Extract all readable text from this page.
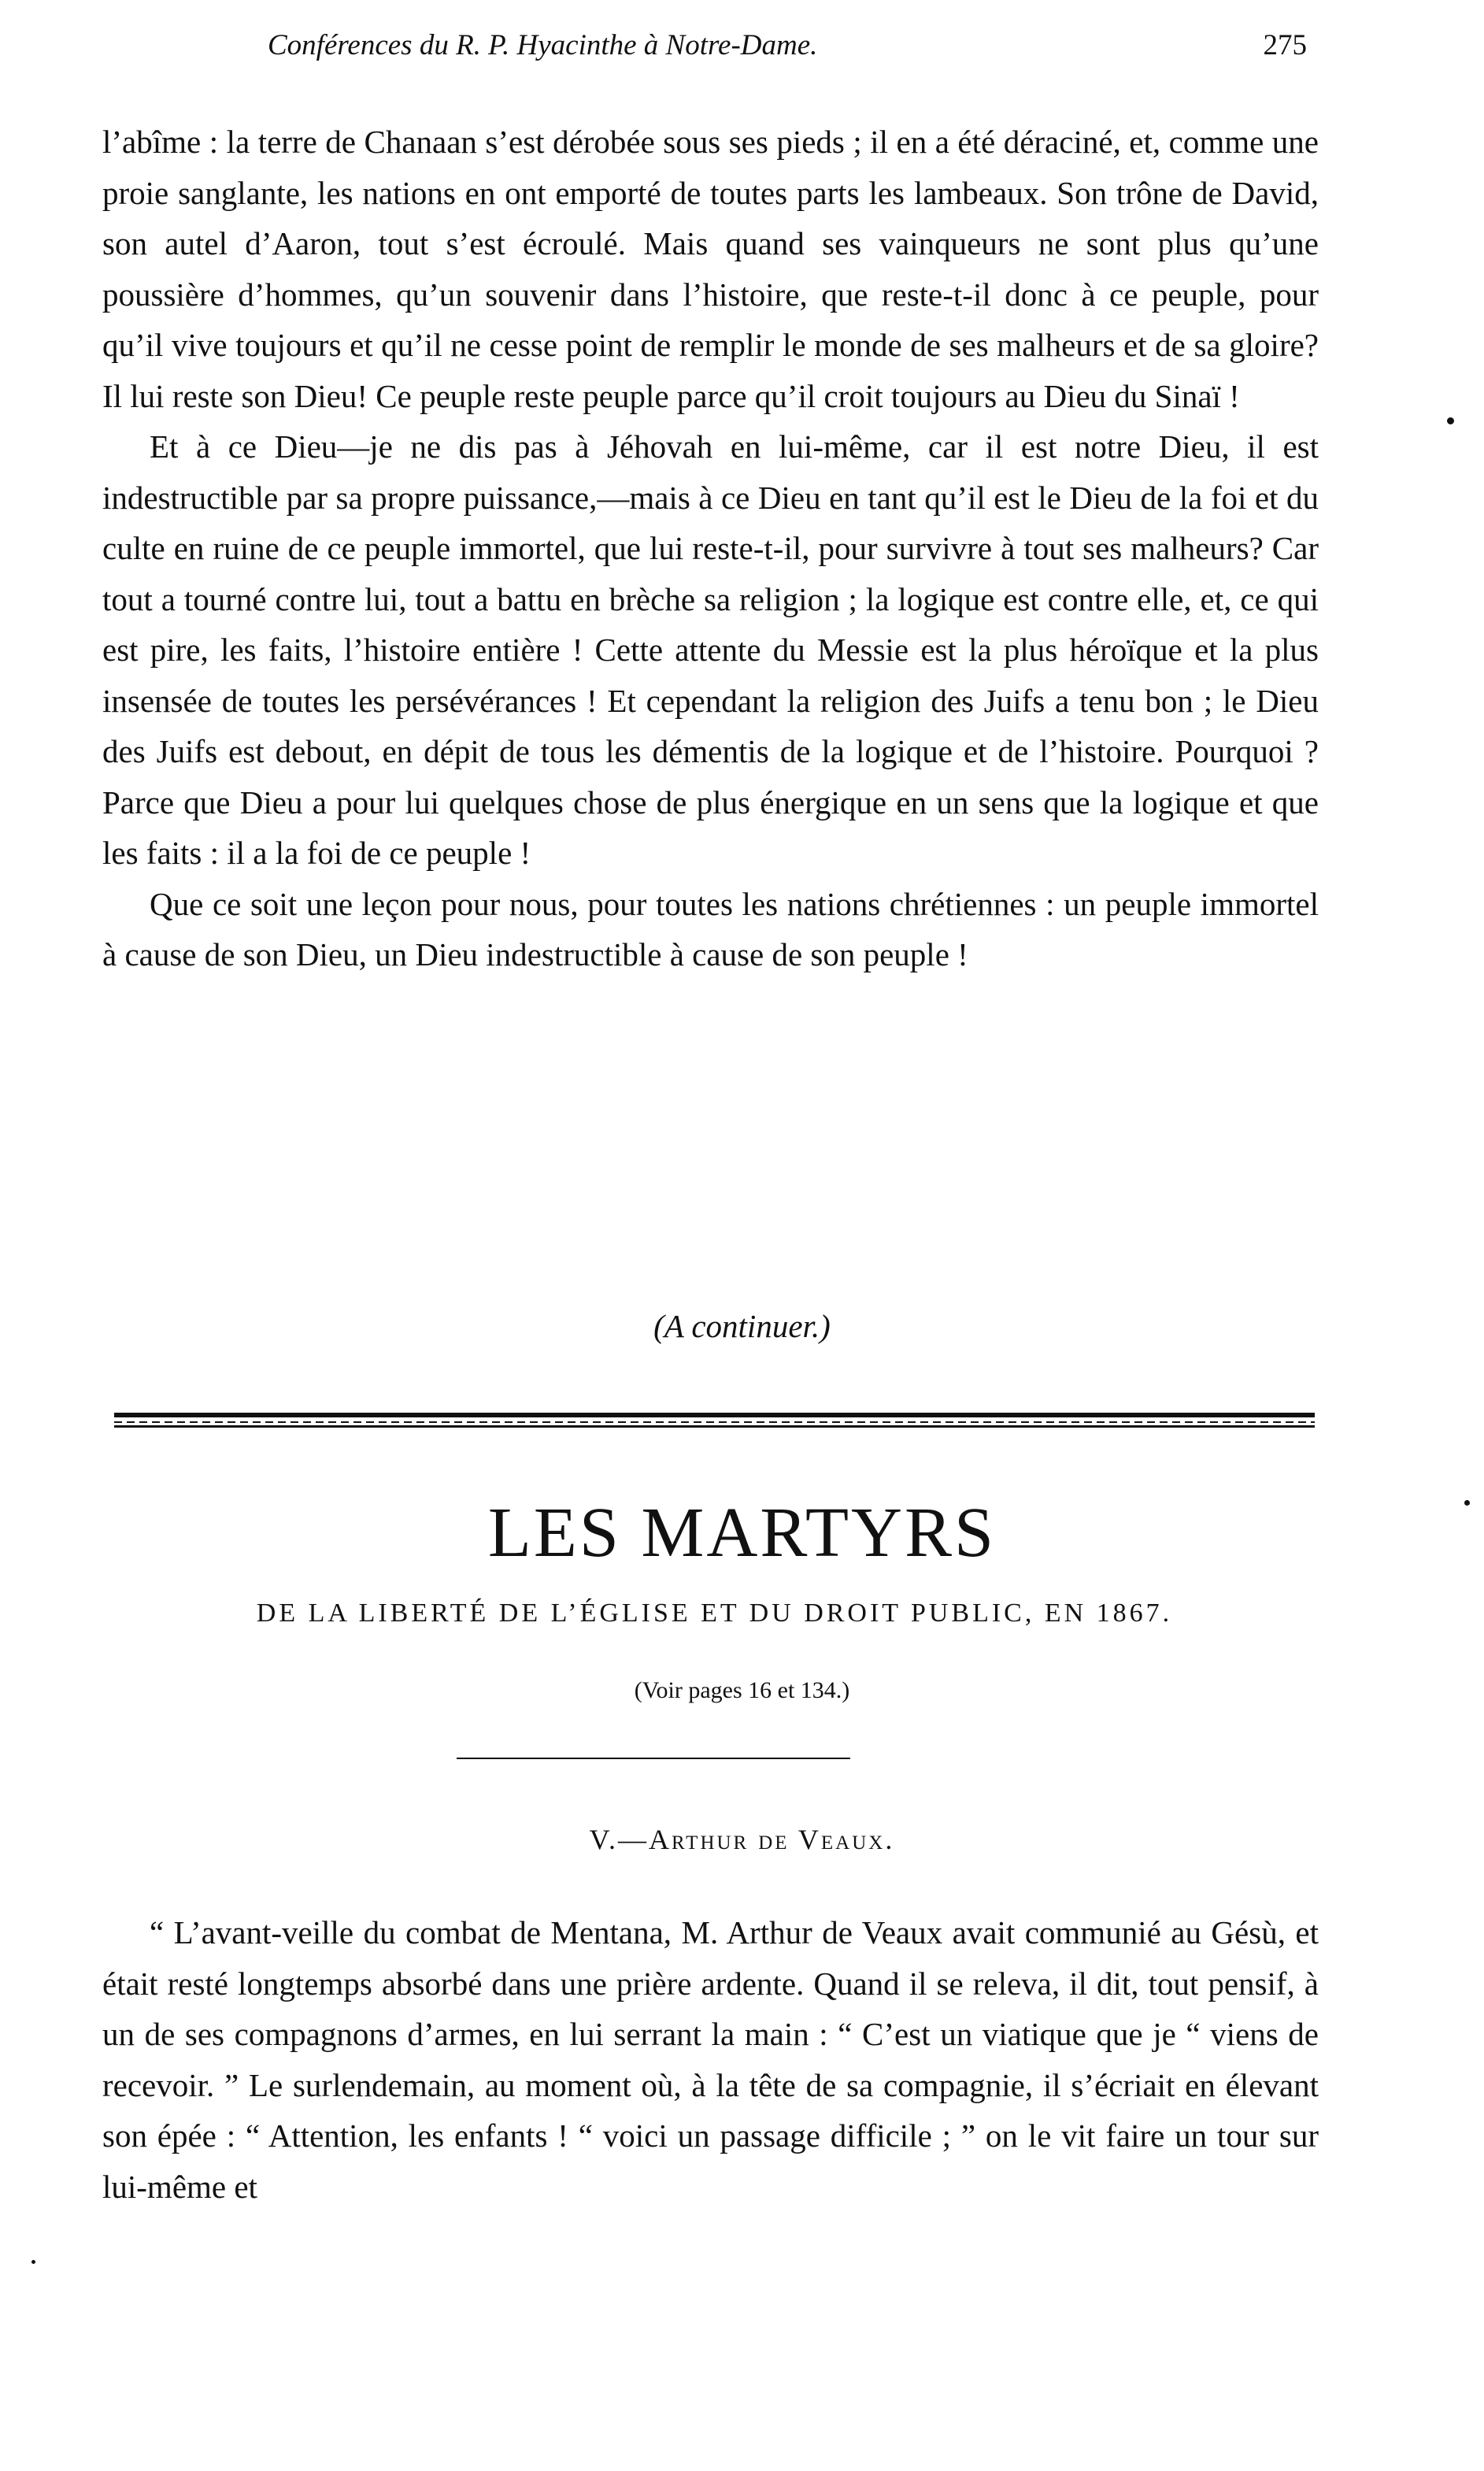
Conférences du R. P. Hyacinthe à Notre-Dame.	275

l’abîme : la terre de Chanaan s’est dérobée sous ses pieds ; il en a été déraciné, et, comme une proie sanglante, les nations en ont emporté de toutes parts les lambeaux. Son trône de David, son autel d’Aaron, tout s’est écroulé. Mais quand ses vainqueurs ne sont plus qu’une poussière d’hommes, qu’un souvenir dans l’histoire, que reste-t-il donc à ce peuple, pour qu’il vive toujours et qu’il ne cesse point de remplir le monde de ses malheurs et de sa gloire? Il lui reste son Dieu! Ce peuple reste peuple parce qu’il croit toujours au Dieu du Sinaï !

Et à ce Dieu—je ne dis pas à Jéhovah en lui-même, car il est notre Dieu, il est indestructible par sa propre puissance,—mais à ce Dieu en tant qu’il est le Dieu de la foi et du culte en ruine de ce peuple immortel, que lui reste-t-il, pour survivre à tout ses malheurs? Car tout a tourné contre lui, tout a battu en brèche sa religion ; la logique est contre elle, et, ce qui est pire, les faits, l’histoire entière ! Cette attente du Messie est la plus héroïque et la plus insensée de toutes les persévérances ! Et cependant la religion des Juifs a tenu bon ; le Dieu des Juifs est debout, en dépit de tous les démentis de la logique et de l’histoire. Pourquoi ? Parce que Dieu a pour lui quelques chose de plus énergique en un sens que la logique et que les faits : il a la foi de ce peuple !

Que ce soit une leçon pour nous, pour toutes les nations chrétiennes : un peuple immortel à cause de son Dieu, un Dieu indestructible à cause de son peuple !

(A continuer.)
LES MARTYRS
DE LA LIBERTÉ DE L’ÉGLISE ET DU DROIT PUBLIC, EN 1867.
(Voir pages 16 et 134.)
V.—Arthur de Veaux.

“ L’avant-veille du combat de Mentana, M. Arthur de Veaux avait communié au Gésù, et était resté longtemps absorbé dans une prière ardente. Quand il se releva, il dit, tout pensif, à un de ses compagnons d’armes, en lui serrant la main : “ C’est un viatique que je “ viens de recevoir. ” Le surlendemain, au moment où, à la tête de sa compagnie, il s’écriait en élevant son épée : “ Attention, les enfants ! “ voici un passage difficile ; ” on le vit faire un tour sur lui-même et
